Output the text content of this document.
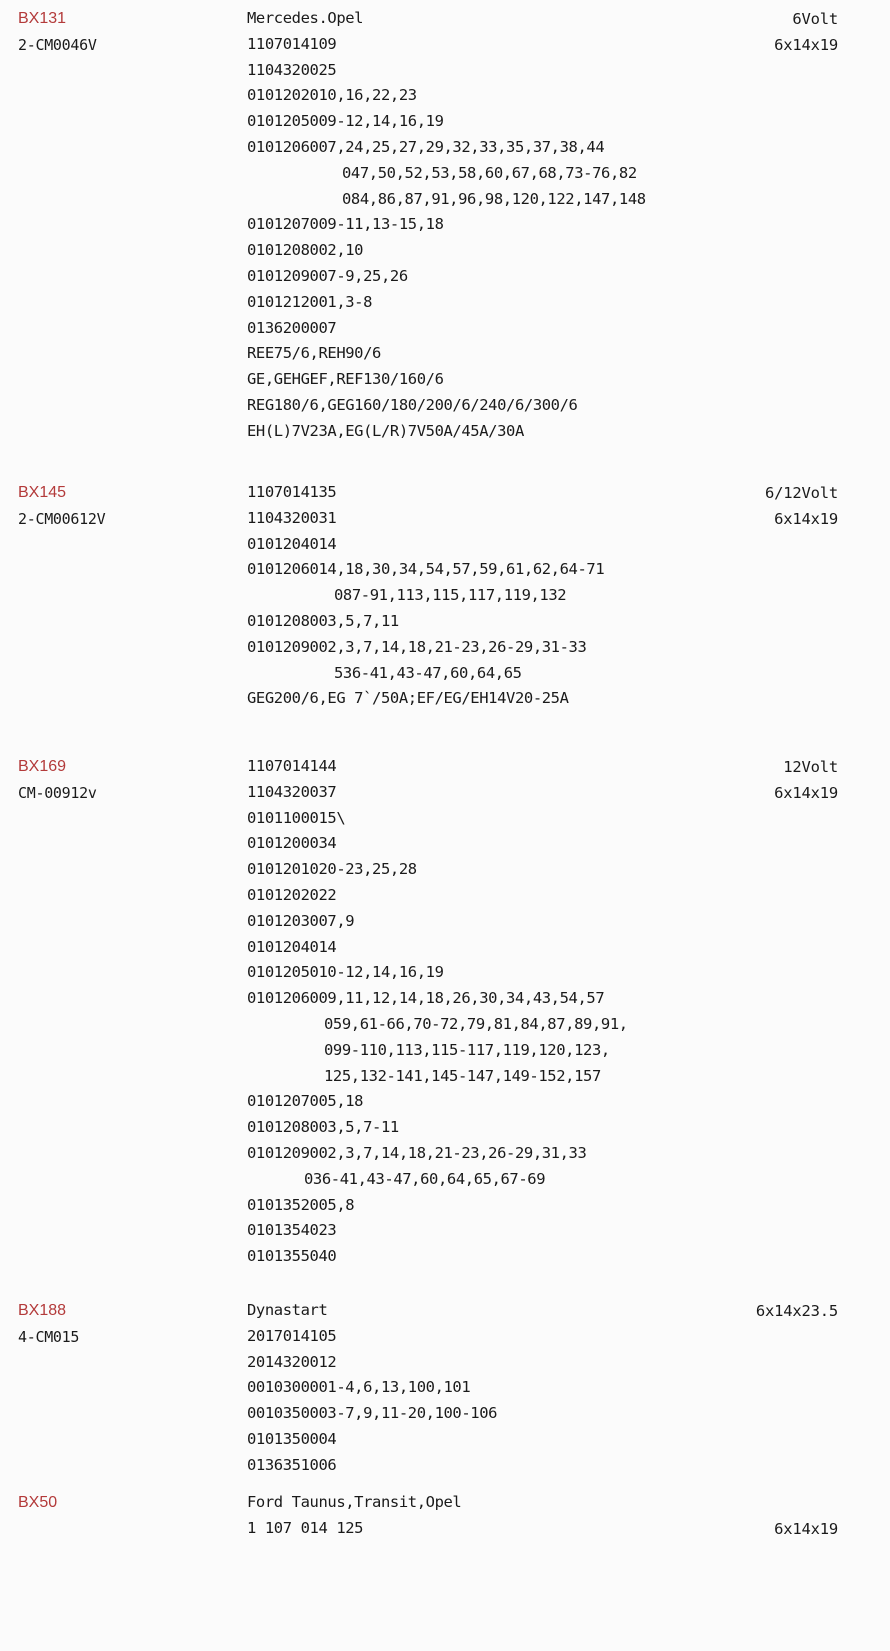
BX131
2-CM0046V
Mercedes.Opel
1107014109
1104320025
0101202010,16,22,23
0101205009-12,14,16,19
0101206007,24,25,27,29,32,33,35,37,38,44
047,50,52,53,58,60,67,68,73-76,82
084,86,87,91,96,98,120,122,147,148
0101207009-11,13-15,18
0101208002,10
0101209007-9,25,26
0101212001,3-8
0136200007
REE75/6,REH90/6
GE,GEHGEF,REF130/160/6
REG180/6,GEG160/180/200/6/240/6/300/6
EH(L)7V23A,EG(L/R)7V50A/45A/30A
6Volt
6x14x19
BX145
2-CM00612V
1107014135
1104320031
0101204014
0101206014,18,30,34,54,57,59,61,62,64-71
087-91,113,115,117,119,132
0101208003,5,7,11
0101209002,3,7,14,18,21-23,26-29,31-33
536-41,43-47,60,64,65
GEG200/6,EG 7`/50A;EF/EG/EH14V20-25A
6/12Volt
6x14x19
BX169
CM-00912v
1107014144
1104320037
0101100015\
0101200034
0101201020-23,25,28
0101202022
0101203007,9
0101204014
0101205010-12,14,16,19
0101206009,11,12,14,18,26,30,34,43,54,57
059,61-66,70-72,79,81,84,87,89,91,
099-110,113,115-117,119,120,123,
125,132-141,145-147,149-152,157
0101207005,18
0101208003,5,7-11
0101209002,3,7,14,18,21-23,26-29,31,33
036-41,43-47,60,64,65,67-69
0101352005,8
0101354023
0101355040
12Volt
6x14x19
BX188
4-CM015
Dynastart
2017014105
2014320012
0010300001-4,6,13,100,101
0010350003-7,9,11-20,100-106
0101350004
0136351006
6x14x23.5
BX50	Ford Taunus,Transit,Opel
1 107 014 125	6x14x19
